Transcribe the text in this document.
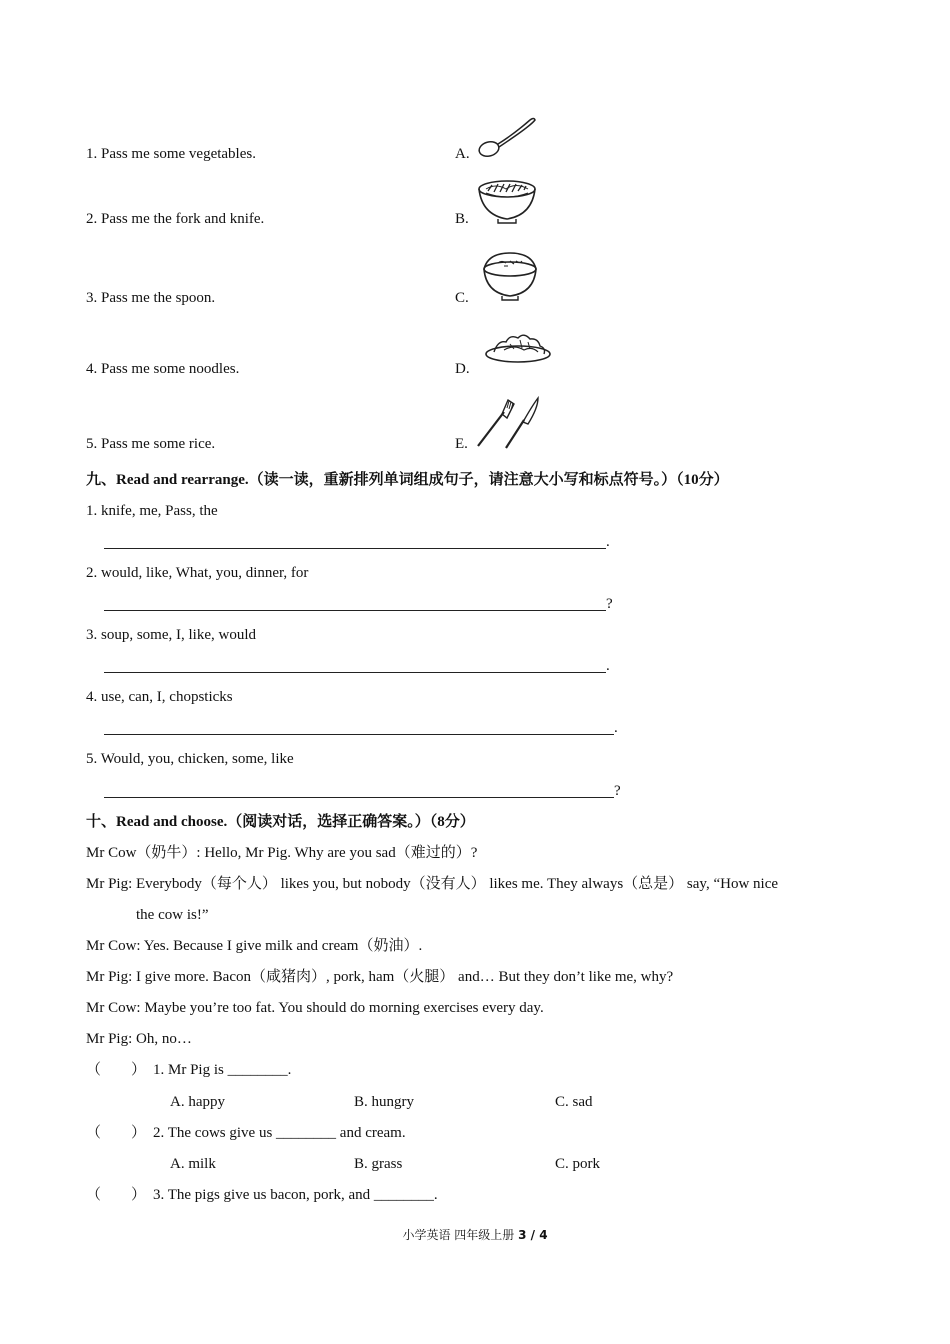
1. Pass me some vegetables.	A.
2. Pass me the fork and knife.	B.
3. Pass me the spoon.	C.
4. Pass me some noodles.	D.
5. Pass me some rice.	E.
九、Read and rearrange.（读一读，重新排列单词组成句子，请注意大小写和标点符号。）（10分）
1. knife, me, Pass, the
.
2. would, like, What, you, dinner, for
?
3. soup, some, I, like, would
.
4. use, can, I, chopsticks
.
5. Would, you, chicken, some, like
?
十、Read and choose.（阅读对话，选择正确答案。）（8分）
Mr Cow（奶牛）: Hello, Mr Pig. Why are you sad（难过的）?
Mr Pig: Everybody（每个人） likes you, but nobody（没有人） likes me. They always（总是） say, “How nice
the cow is!”
Mr Cow: Yes. Because I give milk and cream（奶油）.
Mr Pig: I give more. Bacon（咸猪肉）, pork, ham（火腿） and… But they don’t like me, why?
Mr Cow: Maybe you’re too fat. You should do morning exercises every day.
Mr Pig: Oh, no…
（　　） 1. Mr Pig is ________.
A. happy	B. hungry	C. sad
（　　） 2. The cows give us ________ and cream.
A. milk	B. grass	C. pork
（　　） 3. The pigs give us bacon, pork, and ________.
小学英语 四年级上册 3 / 4
